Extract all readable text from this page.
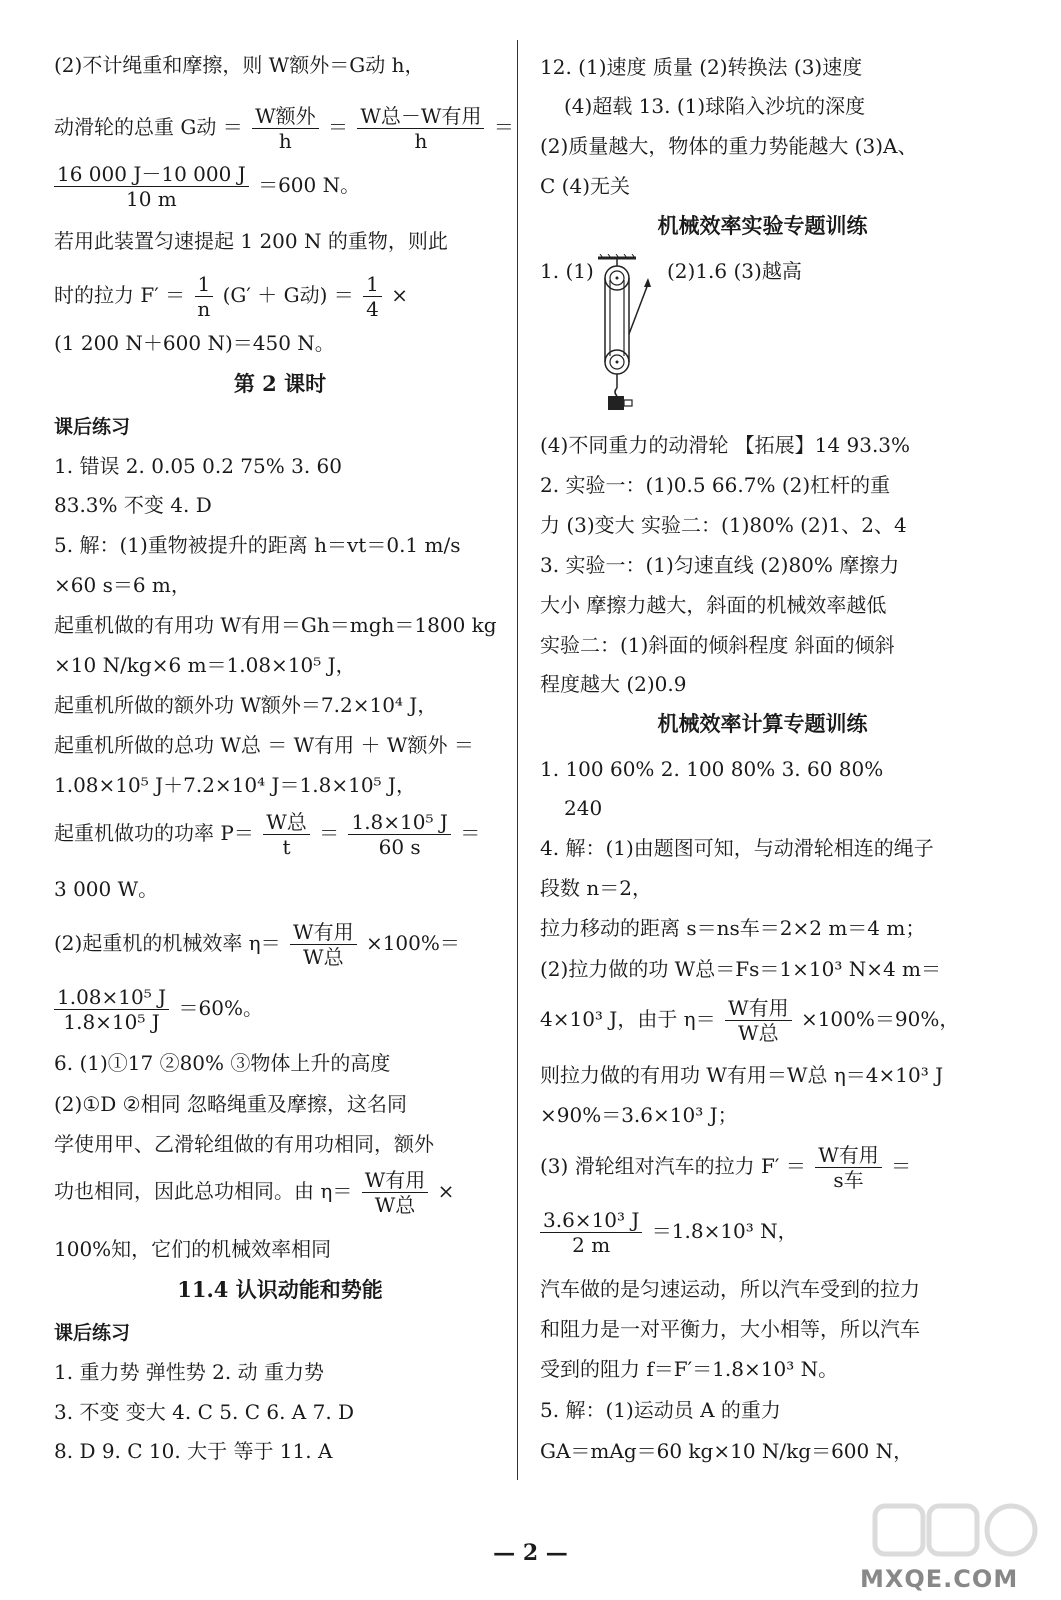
(2)不计绳重和摩擦，则 W额外＝G动 h，
动滑轮的总重 G动 ＝ $\frac{\text{W额外}}{h} = \frac{\text{W总－W有用}}{h}$ ＝
$\frac{16 000 J-10 000 J}{10 m} =600$ N。
若用此装置匀速提起 1 200 N 的重物，则此
时的拉力 $F' = \frac{1}{n} (G' + G$动) ＝ $\frac{1}{4}$ ×
(1 200 N＋600 N)＝450 N。
第 2 课时
课后练习
1. 错误 2. 0.05 0.2 75% 3. 60
83.3% 不变 4. D
5. 解：(1)重物被提升的距离 h＝vt＝0.1 m/s
×60 s＝6 m，
起重机做的有用功 W有用＝Gh＝mgh＝1800 kg
×10 N/kg×6 m＝1.08×10⁵ J，
起重机所做的额外功 W额外＝7.2×10⁴ J，
起重机所做的总功 W总 ＝ W有用 ＋ W额外 ＝
1.08×10⁵ J＋7.2×10⁴ J＝1.8×10⁵ J，
起重机做功的功率 $P= \frac{\text{W总}}{t} = \frac{\text{1.8×10⁵ J}}{60 s}$ ＝
3 000 W。
(2)起重机的机械效率 $\eta= \frac{\text{W有用}}{\text{W总}} \times 100\%=$
$\frac{\text{1.08×10⁵ J}}{\text{1.8×10⁵ J}} =60\%$。
6. (1)①17 ②80% ③物体上升的高度
(2)①D ②相同 忽略绳重及摩擦，这名同
学使用甲、乙滑轮组做的有用功相同，额外
功也相同，因此总功相同。由 $\eta= \frac{\text{W有用}}{\text{W总}}$ ×
100%知，它们的机械效率相同
11.4 认识动能和势能
课后练习
1. 重力势 弹性势 2. 动 重力势
3. 不变 变大 4. C 5. C 6. A 7. D
8. D 9. C 10. 大于 等于 11. A
12. (1)速度 质量 (2)转换法 (3)速度
(4)超载 13. (1)球陷入沙坑的深度
(2)质量越大，物体的重力势能越大 (3)A、
C (4)无关
机械效率实验专题训练
1. (1)	(2)1.6 (3)越高
(4)不同重力的动滑轮 【拓展】14 93.3%
2. 实验一：(1)0.5 66.7% (2)杠杆的重
力 (3)变大 实验二：(1)80% (2)1、2、4
3. 实验一：(1)匀速直线 (2)80% 摩擦力
大小 摩擦力越大，斜面的机械效率越低
实验二：(1)斜面的倾斜程度 斜面的倾斜
程度越大 (2)0.9
机械效率计算专题训练
1. 100 60% 2. 100 80% 3. 60 80%
240
4. 解：(1)由题图可知，与动滑轮相连的绳子
段数 n＝2，
拉力移动的距离 s＝ns车＝2×2 m＝4 m；
(2)拉力做的功 W总＝Fs＝1×10³ N×4 m＝
4×10³ J，由于 $\eta= \frac{\text{W有用}}{\text{W总}} \times 100\%=90\%$，
则拉力做的有用功 W有用＝W总 η＝4×10³ J
×90%＝3.6×10³ J；
(3) 滑轮组对汽车的拉力 $F' = \frac{\text{W有用}}{\text{s车}}$ ＝
$\frac{\text{3.6×10³ J}}{2 m} =1.8\times 10^3$ N，
汽车做的是匀速运动，所以汽车受到的拉力
和阻力是一对平衡力，大小相等，所以汽车
受到的阻力 f＝F′＝1.8×10³ N。
5. 解：(1)运动员 A 的重力
GA＝mAg＝60 kg×10 N/kg＝600 N，
— 2 —
MXQE.COM
